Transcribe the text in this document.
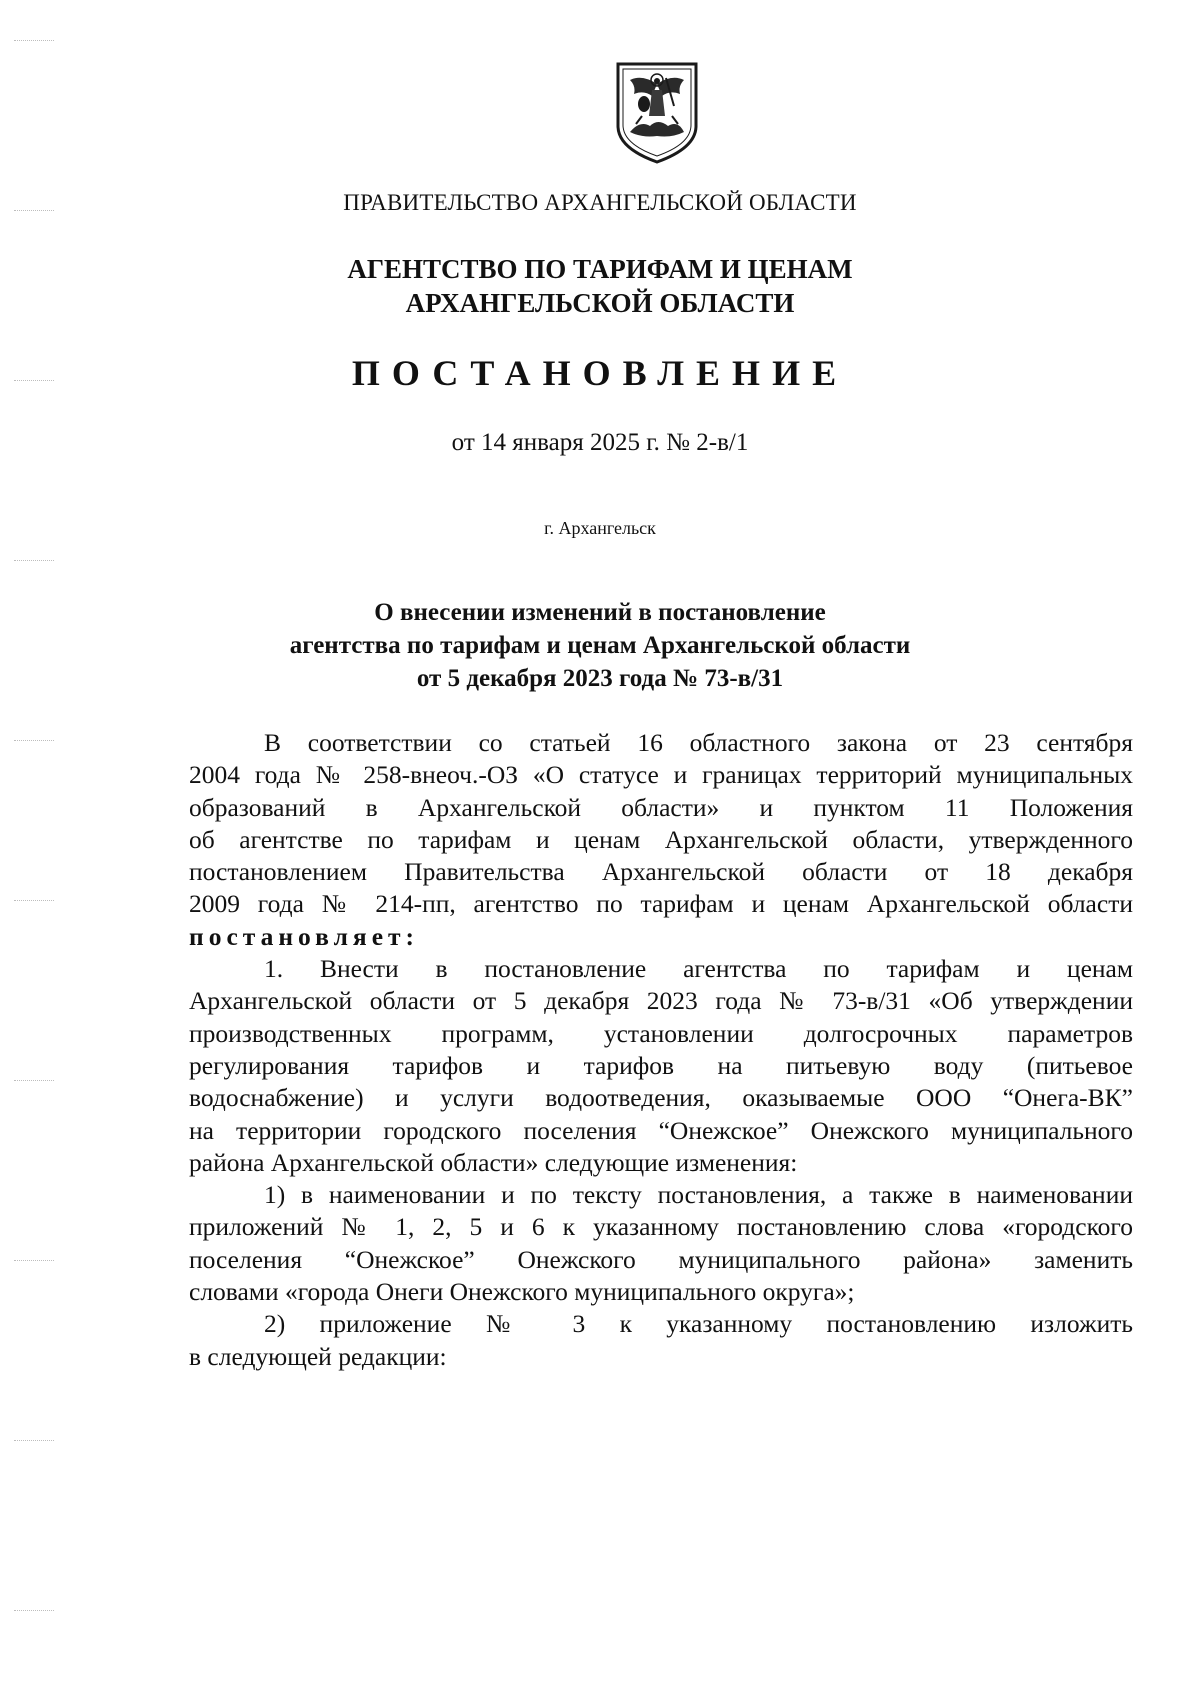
ПРАВИТЕЛЬСТВО АРХАНГЕЛЬСКОЙ ОБЛАСТИ
АГЕНТСТВО ПО ТАРИФАМ И ЦЕНАМ
АРХАНГЕЛЬСКОЙ ОБЛАСТИ
ПОСТАНОВЛЕНИЕ
от 14 января 2025 г. № 2-в/1
г. Архангельск
О внесении изменений в постановление
агентства по тарифам и ценам Архангельской области
от 5 декабря 2023 года № 73-в/31
В соответствии со статьей 16 областного закона от 23 сентября
2004 года № 258-внеоч.-ОЗ «О статусе и границах территорий муниципальных
образований в Архангельской области» и пунктом 11 Положения
об агентстве по тарифам и ценам Архангельской области, утвержденного
постановлением Правительства Архангельской области от 18 декабря
2009 года № 214-пп, агентство по тарифам и ценам Архангельской области
постановляет:
1. Внести в постановление агентства по тарифам и ценам
Архангельской области от 5 декабря 2023 года № 73-в/31 «Об утверждении
производственных программ, установлении долгосрочных параметров
регулирования тарифов и тарифов на питьевую воду (питьевое
водоснабжение) и услуги водоотведения, оказываемые ООО “Онега-ВК”
на территории городского поселения “Онежское” Онежского муниципального
района Архангельской области» следующие изменения:
1) в наименовании и по тексту постановления, а также в наименовании
приложений № 1, 2, 5 и 6 к указанному постановлению слова «городского
поселения “Онежское” Онежского муниципального района» заменить
словами «города Онеги Онежского муниципального округа»;
2) приложение № 3 к указанному постановлению изложить
в следующей редакции:
